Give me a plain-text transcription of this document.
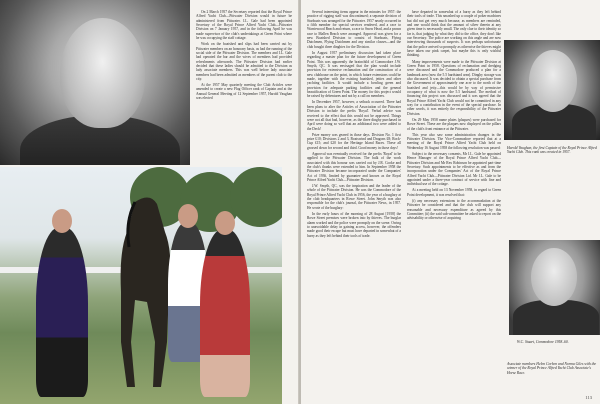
On 2 March 1957 the Secretary reported that the Royal Prince Alfred Yacht Club—Pittwater Division would in future be administered from Pittwater. I.L. Gale had been appointed Secretary of the Royal Prince Alfred Yacht Club—Pittwater Division on 7 January 1957, and in the following April he was made supervisor of the club's undertakings at Green Point where he was occupying the staff cottage.

Work on the boatshed and slips had been carried out by Pittwater members on an honorary basis, as had the running of the social side of the Pittwater Division. The members and I.L. Gale had operated the bar and the wives of members had provided refreshments afterwards. The Pittwater Division had earlier decided that these ladies should be admitted to the Division as lady associate members. This was well before lady associate members had been admitted as members of the parent club to the city.

At the 1957 May quarterly meeting the Club Articles were amended to create a new Flag Officer rank of Captain and at the Annual General Meeting of 12 September 1957, Harold Vaughan was elected

Several interesting items appear in the minutes for 1957: the practice of rigging staff was discontinued; a separate division of Starboats was arranged for the Pittwater. 1957 nearly occurred in a fifth member for special services rendered, and a race to Warriewood Beach and return, a race to Snow Head, and a prawn race to Mallen Beach were arranged. Approval was given for a new Boatshed Division to consist of Starboats, Flying Dutchmen, Flying Dutchmen and any similar classes—and the club bought three dinghies for the Division.

In August 1957 preliminary discussion had taken place regarding a master plan for the future development of Green Point. This was apparently the brainchild of Commodore J.W. Smyth, QC. It was envisaged that the plan would include provision for extensive reclamation and the construction of a new clubhouse on the point, in which future extensions could be made, together with the existing boatshed, jetties and other yachting facilities. It would include a bowling green and provision for adequate parking facilities and the general beautification of Green Point. The money for this project would be raised by debentures and not by a call on members.

In December 1957, however, a setback occurred. There had been plans to alter the Articles of Association of the Pittwater Division to include the prefix 'Royal'. Verbal advice was received to the effect that this would not be approved. Things were not all that bad, however, as the three dinghy purchased in April were doing so well that an additional two were added to the Deck!

Prize money was geared in those days. Division No. 1 first prize £10; Divisions 2 and 3, Boatswind and Dragons £8; Rock-Cup £15; and £20 for the Heritage Island Races. These all grossed down for second and third. Good money in those days!

Approval was eventually received for the prefix 'Royal' to be applied to the Pittwater Division. The bulk of the work associated with this honour was carried out by J.R. Cooke and the club's thanks were extended to him. In September 1958 the Pittwater Division became incorporated under the Companies' Act of 1936, limited by guarantee and known as the Royal Prince Alfred Yacht Club—Pittwater Division.

J.W. Smyth, QC, was the inspiration and the leader of the whole of the Pittwater Division. He was the Commodore of the Royal Prince Alfred Yacht Club in 1956, the year of a burglary at the club headquarters in Rowe Street. John Smyth was also responsible for the club's journal, the Pittwater News, in 1957. He wrote of the burglary:

In the early hours of the morning of 28 August [1958] the Rowe Street premises were broken into by thieves. The burglar alarm worked and the police were promptly on the scene. Owing to unavoidable delay in gaining access, however, the offenders made good their escape but must have departed in somewhat of a hurry as they left behind their tools of trade.

have departed in somewhat of a hurry as they left behind their tools of trade. This smashed up a couple of poker machines but did not get very much because, as members are reminded, and one would think that the amount of silver therein at any given time is necessarily small. The only clue to their identity so far is, that judging by what they did to the office, they don't like our Secretary. The police are working on this angle and are now interviewing thousands of suspects. It was perhaps unfortunate that the police arrived so promptly as otherwise the thieves might have taken our pink carpet, but maybe this is only wishful thinking.

Many improvements were made to the Pittwater Division at Green Point in 1958. Questions of reclamation and dredging were discussed and the Commodore produced a plan for a landmark area (now the 5.5 hardstand area). Dinghy storage was also discussed. It was decided to obtain a special purchase from the Government of approximately one acre to the north of the boatshed and jetty—this would be by way of permissive occupancy of what is now the 5.5 hardstand. The method of financing this project was discussed and it was agreed that the Royal Prince Alfred Yacht Club would not be committed in any way for a contribution in the event of the special purchase. In other words, it was entirely the responsibility of the Pittwater Division.

On 29 May 1958 name plates (plaques) were purchased for Rowe Street. These are the plaques now displayed on the pillars of the club's front entrance at the Pittwater.

This year also saw some administration changes in the Pittwater Division. The Vice-Commodore reported that at a meeting of the Royal Prince Alfred Yacht Club held on Wednesday 16 August 1958 the following resolution was passed:

Subject to the necessary consents, Mr I.L. Gale be appointed Hence Manager of the Royal Prince Alfred Yacht Club—Pittwater Division and Mr Rex Robinson be appointed part-time Secretary. Such appointments to be effective as and from the incorporation under the Companies' Act of the Royal Prince Alfred Yacht Club—Pittwater Division Ltd. Mr I.L. Gale to be appointed under a three-year contract of service with fine and individual use of the cottage.

At a meeting held on 13 November 1958, in regard to Green Point development, it was resolved that:

(i) any necessary extensions to the accommodation at the Pittwater be considered and that the club will support any reasonable and necessary expenditure as agreed by this Committee; (ii) the said sub-committee be asked to report on the advisability or otherwise of acquiring

Harold Vaughan, the first Captain of the Royal Prince Alfred Yacht Club. This rank was created in 1957.
W.C. Stuart, Commodore 1958–60.
Associate members Helen Corben and Norma Giles with the winner of the Royal Prince Alfred Yacht Club Associate's Horse Race.
113
